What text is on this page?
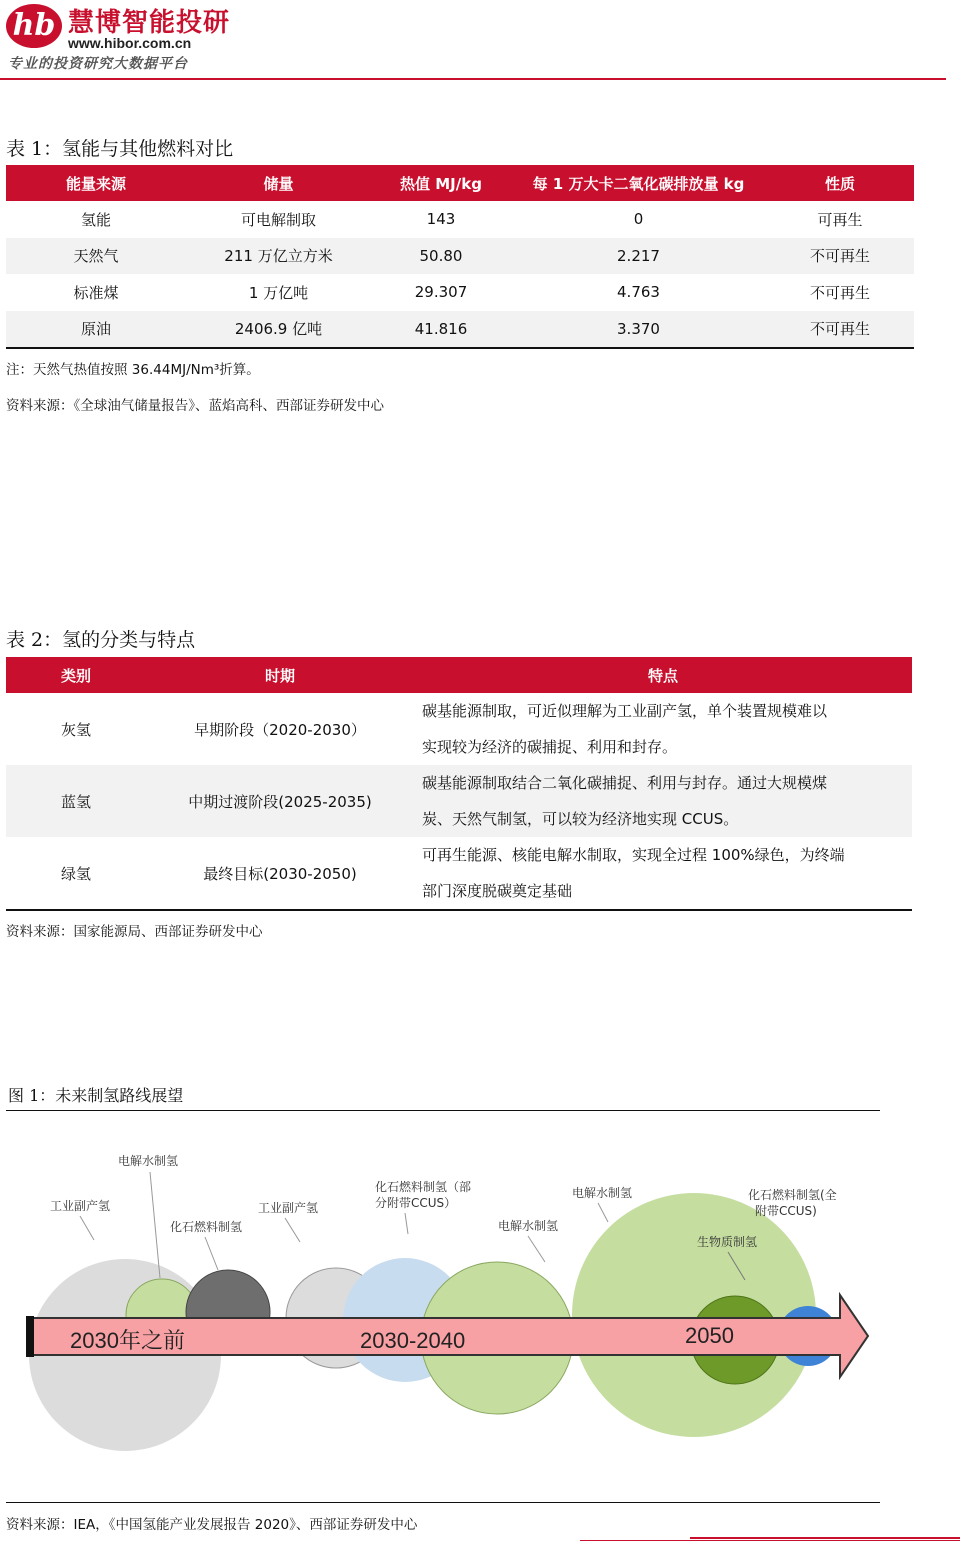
hb 慧博智能投研
www.hibor.com.cn
专业的投资研究大数据平台
表 1：氢能与其他燃料对比
能量来源	储量	热值 MJ/kg	每 1 万大卡二氧化碳排放量 kg	性质
氢能	可电解制取	143	0	可再生
天然气	211 万亿立方米	50.80	2.217	不可再生
标准煤	1 万亿吨	29.307	4.763	不可再生
原油	2406.9 亿吨	41.816	3.370	不可再生
注：天然气热值按照 36.44MJ/Nm³折算。
资料来源：《全球油气储量报告》、蓝焰高科、西部证券研发中心
表 2：氢的分类与特点
类别	时期	特点
灰氢	早期阶段（2020-2030）	碳基能源制取，可近似理解为工业副产氢，单个装置规模难以
实现较为经济的碳捕捉、利用和封存。

蓝氢	中期过渡阶段(2025-2035)	碳基能源制取结合二氧化碳捕捉、利用与封存。通过大规模煤
炭、天然气制氢，可以较为经济地实现 CCUS。

绿氢	最终目标(2030-2050)	可再生能源、核能电解水制取，实现全过程 100%绿色，为终端
部门深度脱碳奠定基础
资料来源：国家能源局、西部证券研发中心
图 1：未来制氢路线展望
2030年之前	2030-2040	2050
工业副产氢
电解水制氢
化石燃料制氢
工业副产氢
化石燃料制氢（部
分附带CCUS）
电解水制氢
电解水制氢	化石燃料制氢(全
附带CCUS)
生物质制氢
资料来源：IEA，《中国氢能产业发展报告 2020》、西部证券研发中心
